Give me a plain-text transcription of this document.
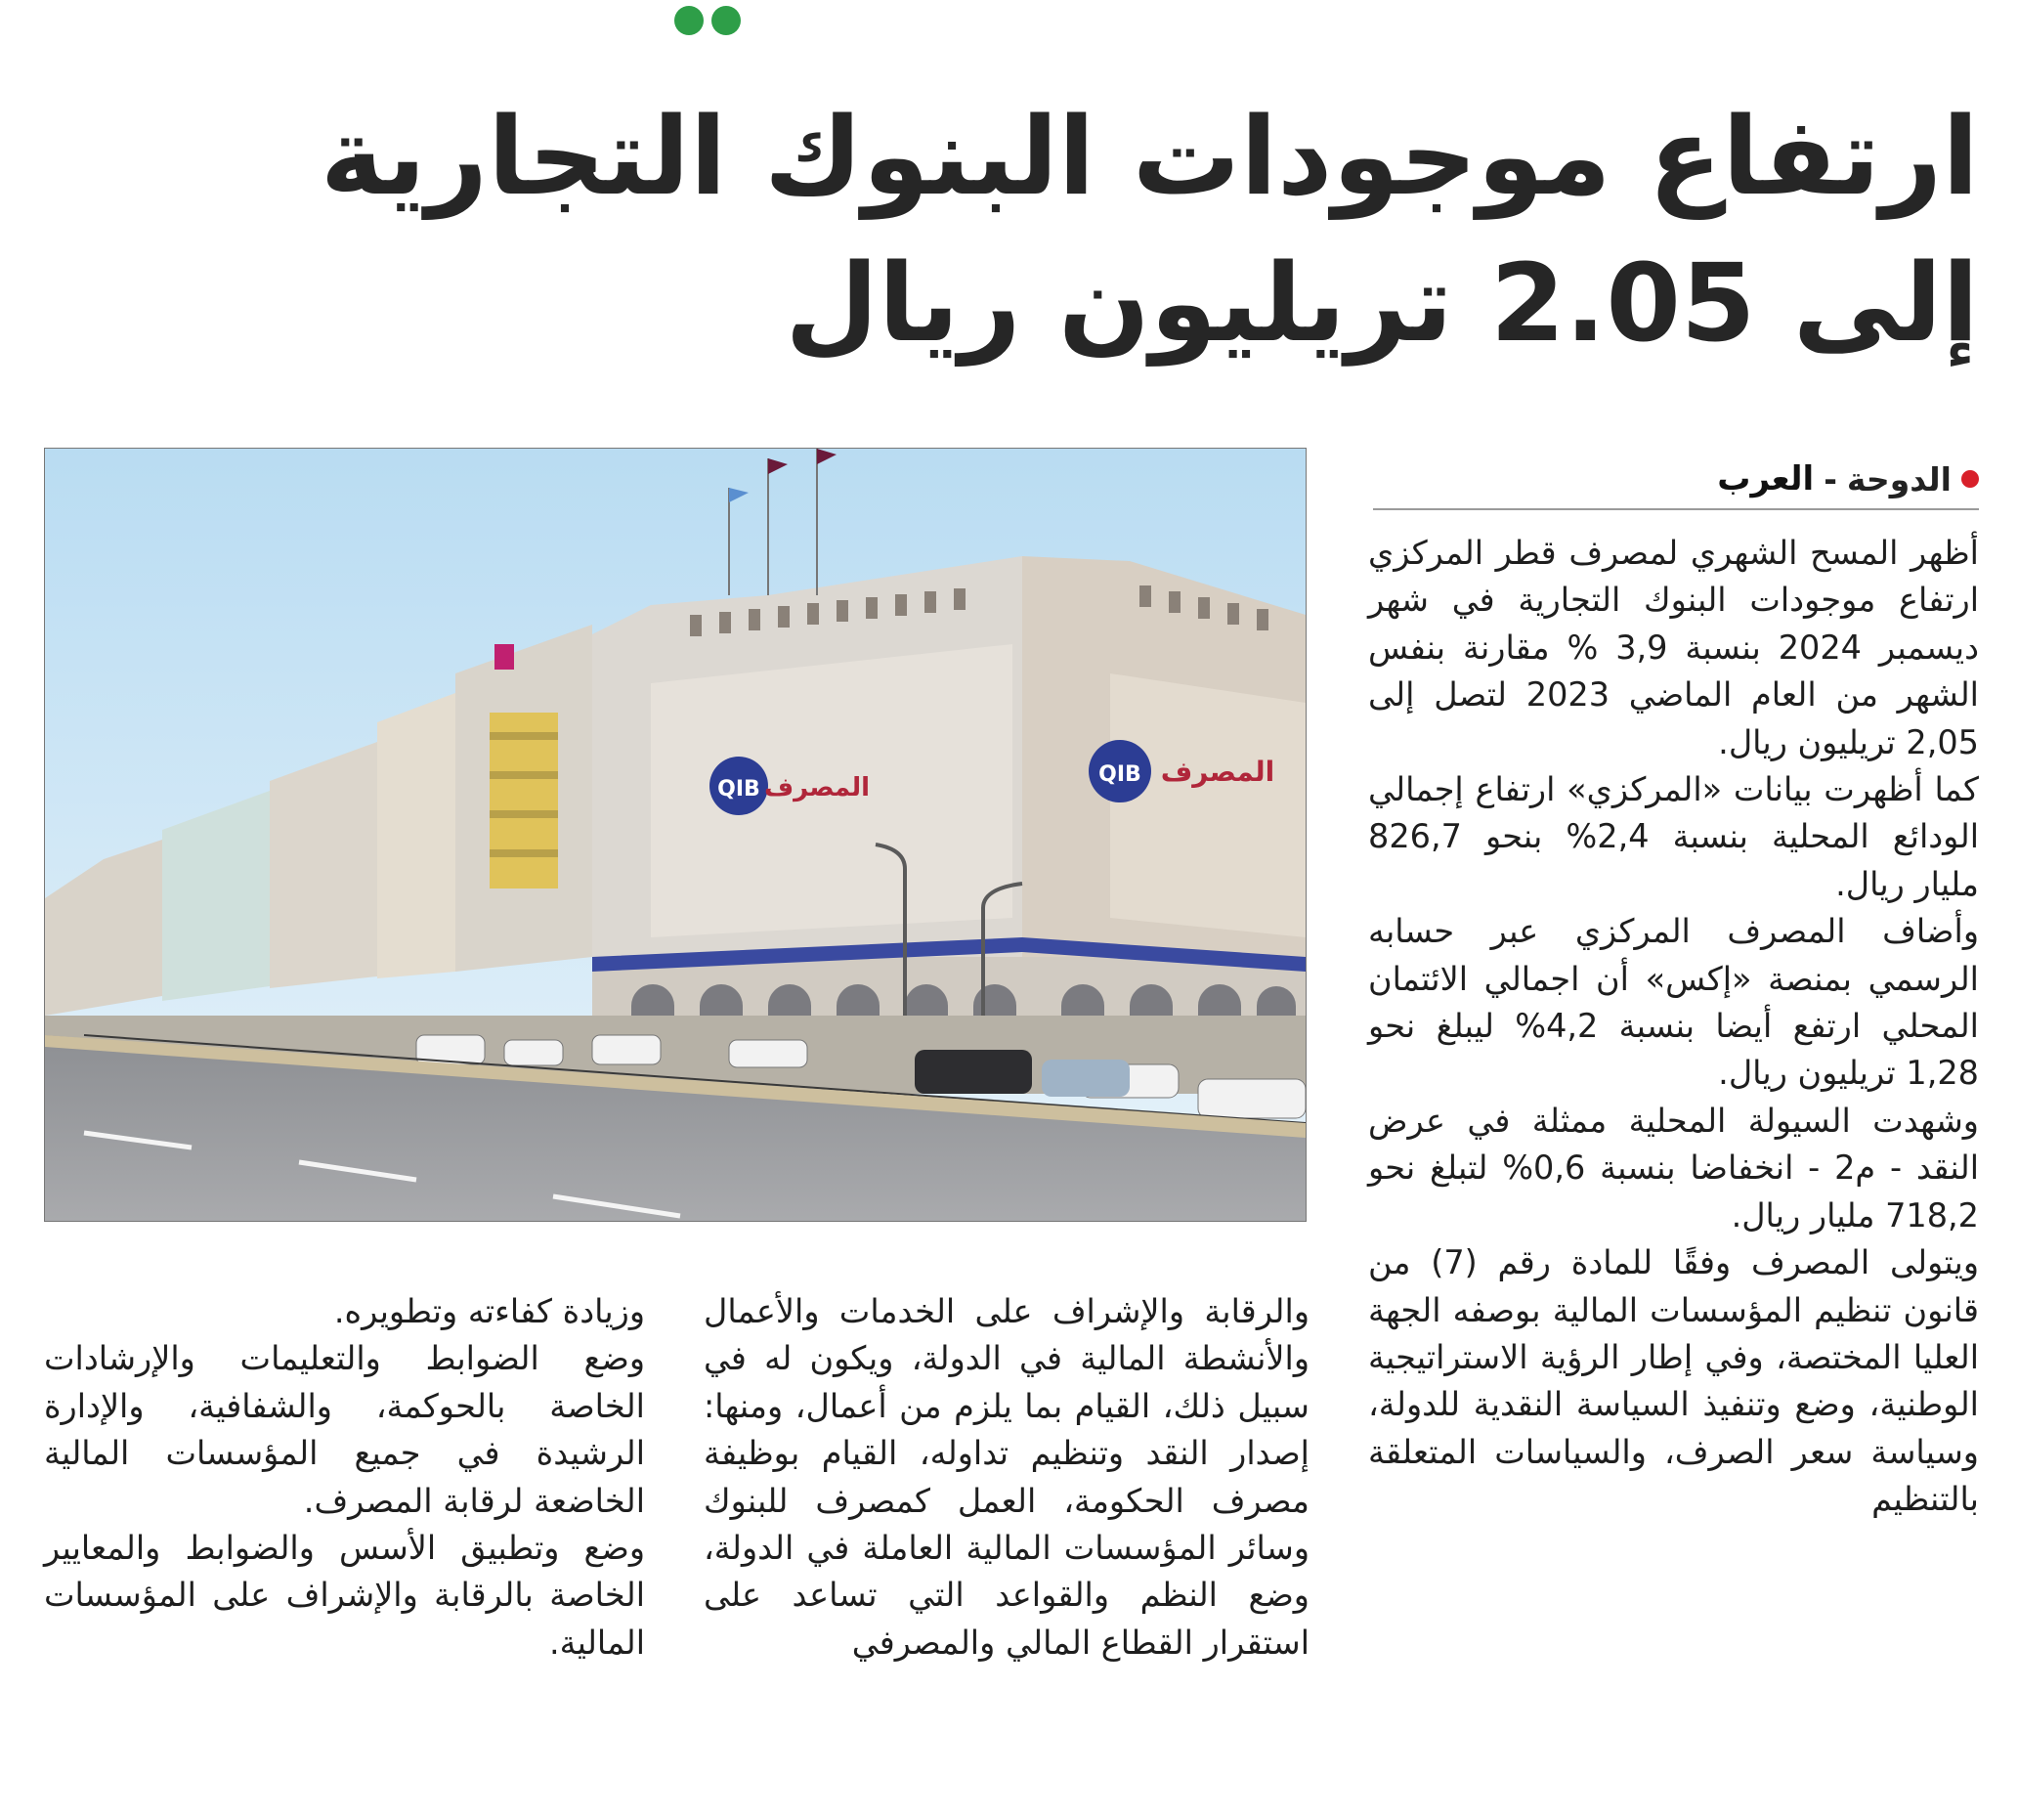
ارتفاع موجودات البنوك التجارية
إلى 2.05 تريليون ريال
QIB المصرف	QIB المصرف
الدوحة
-
العرب

أظهر المسح الشهري لمصرف قطر المركزي ارتفاع موجودات البنوك التجارية في شهر ديسمبر 2024 بنسبة 3,9 % مقارنة بنفس الشهر من العام الماضي 2023 لتصل إلى 2,05 تريليون ريال.

كما أظهرت بيانات «المركزي» ارتفاع إجمالي الودائع المحلية بنسبة 2,4% بنحو 826,7 مليار ريال.

وأضاف المصرف المركزي عبر حسابه الرسمي بمنصة «إكس» أن اجمالي الائتمان المحلي ارتفع أيضا بنسبة 4,2% ليبلغ نحو 1,28 تريليون ريال.

وشهدت السيولة المحلية ممثلة في عرض النقد - م2 - انخفاضا بنسبة 0,6% لتبلغ نحو 718,2 مليار ريال.

ويتولى المصرف وفقًا للمادة رقم (7) من قانون تنظيم المؤسسات المالية بوصفه الجهة العليا المختصة، وفي إطار الرؤية الاستراتيجية الوطنية، وضع وتنفيذ السياسة النقدية للدولة، وسياسة سعر الصرف، والسياسات المتعلقة بالتنظيم

والرقابة والإشراف على الخدمات والأعمال والأنشطة المالية في الدولة، ويكون له في سبيل ذلك، القيام بما يلزم من أعمال، ومنها: إصدار النقد وتنظيم تداوله، القيام بوظيفة مصرف الحكومة، العمل كمصرف للبنوك وسائر المؤسسات المالية العاملة في الدولة، وضع النظم والقواعد التي تساعد على استقرار القطاع المالي والمصرفي

وزيادة كفاءته وتطويره.

وضع الضوابط والتعليمات والإرشادات الخاصة بالحوكمة، والشفافية، والإدارة الرشيدة في جميع المؤسسات المالية الخاضعة لرقابة المصرف.

وضع وتطبيق الأسس والضوابط والمعايير الخاصة بالرقابة والإشراف على المؤسسات المالية.
